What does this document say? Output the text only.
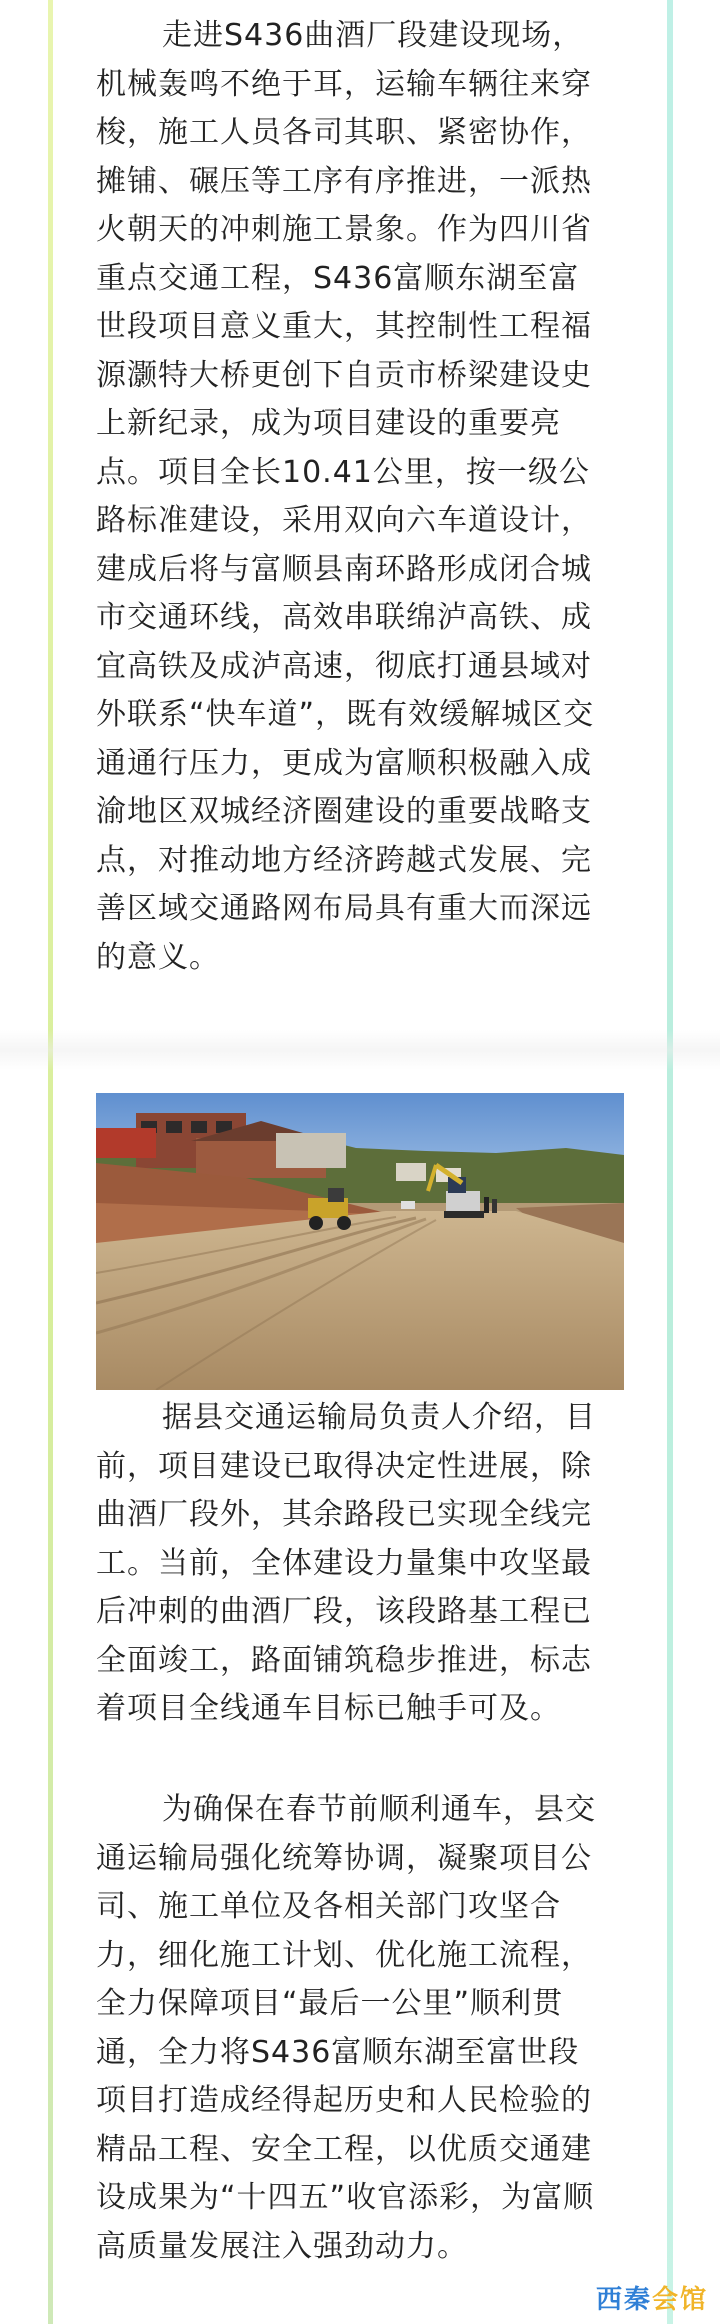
走进S436曲酒厂段建设现场，
机械轰鸣不绝于耳，运输车辆往来穿
梭，施工人员各司其职、紧密协作，
摊铺、碾压等工序有序推进，一派热
火朝天的冲刺施工景象。作为四川省
重点交通工程，S436富顺东湖至富
世段项目意义重大，其控制性工程福
源灏特大桥更创下自贡市桥梁建设史
上新纪录，成为项目建设的重要亮
点。项目全长10.41公里，按一级公
路标准建设，采用双向六车道设计，
建成后将与富顺县南环路形成闭合城
市交通环线，高效串联绵泸高铁、成
宜高铁及成泸高速，彻底打通县域对
外联系“快车道”，既有效缓解城区交
通通行压力，更成为富顺积极融入成
渝地区双城经济圈建设的重要战略支
点，对推动地方经济跨越式发展、完
善区域交通路网布局具有重大而深远
的意义。

据县交通运输局负责人介绍，目
前，项目建设已取得决定性进展，除
曲酒厂段外，其余路段已实现全线完
工。当前，全体建设力量集中攻坚最
后冲刺的曲酒厂段，该段路基工程已
全面竣工，路面铺筑稳步推进，标志
着项目全线通车目标已触手可及。

为确保在春节前顺利通车，县交
通运输局强化统筹协调，凝聚项目公
司、施工单位及各相关部门攻坚合
力，细化施工计划、优化施工流程，
全力保障项目“最后一公里”顺利贯
通，全力将S436富顺东湖至富世段
项目打造成经得起历史和人民检验的
精品工程、安全工程，以优质交通建
设成果为“十四五”收官添彩，为富顺
高质量发展注入强劲动力。

西秦会馆
